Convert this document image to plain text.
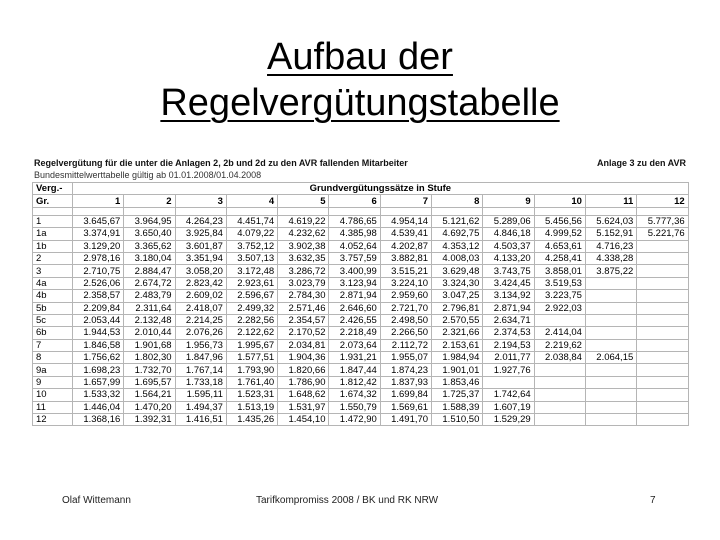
Aufbau der
Regelvergütungstabelle
Regelvergütung für die unter die Anlagen 2, 2b und 2d zu den AVR fallenden Mitarbeiter	Anlage 3 zu den AVR
Bundesmittelwerttabelle gültig ab 01.01.2008/01.04.2008
Verg.-	Grundvergütungssätze in Stufe											
Gr.	1	2	3	4	5	6	7	8	9	10	11	12

1	3.645,67	3.964,95	4.264,23	4.451,74	4.619,22	4.786,65	4.954,14	5.121,62	5.289,06	5.456,56	5.624,03	5.777,36
1a	3.374,91	3.650,40	3.925,84	4.079,22	4.232,62	4.385,98	4.539,41	4.692,75	4.846,18	4.999,52	5.152,91	5.221,76
1b	3.129,20	3.365,62	3.601,87	3.752,12	3.902,38	4.052,64	4.202,87	4.353,12	4.503,37	4.653,61	4.716,23	
2	2.978,16	3.180,04	3.351,94	3.507,13	3.632,35	3.757,59	3.882,81	4.008,03	4.133,20	4.258,41	4.338,28	
3	2.710,75	2.884,47	3.058,20	3.172,48	3.286,72	3.400,99	3.515,21	3.629,48	3.743,75	3.858,01	3.875,22	
4a	2.526,06	2.674,72	2.823,42	2.923,61	3.023,79	3.123,94	3.224,10	3.324,30	3.424,45	3.519,53		
4b	2.358,57	2.483,79	2.609,02	2.596,67	2.784,30	2.871,94	2.959,60	3.047,25	3.134,92	3.223,75		
5b	2.209,84	2.311,64	2.418,07	2.499,32	2.571,46	2.646,60	2.721,70	2.796,81	2.871,94	2.922,03		
5c	2.053,44	2.132,48	2.214,25	2.282,56	2.354,57	2.426,55	2.498,50	2.570,55	2.634,71			
6b	1.944,53	2.010,44	2.076,26	2.122,62	2.170,52	2.218,49	2.266,50	2.321,66	2.374,53	2.414,04		
7	1.846,58	1.901,68	1.956,73	1.995,67	2.034,81	2.073,64	2.112,72	2.153,61	2.194,53	2.219,62		
8	1.756,62	1.802,30	1.847,96	1.577,51	1.904,36	1.931,21	1.955,07	1.984,94	2.011,77	2.038,84	2.064,15	
9a	1.698,23	1.732,70	1.767,14	1.793,90	1.820,66	1.847,44	1.874,23	1.901,01	1.927,76			
9	1.657,99	1.695,57	1.733,18	1.761,40	1.786,90	1.812,42	1.837,93	1.853,46				
10	1.533,32	1.564,21	1.595,11	1.523,31	1.648,62	1.674,32	1.699,84	1.725,37	1.742,64			
11	1.446,04	1.470,20	1.494,37	1.513,19	1.531,97	1.550,79	1.569,61	1.588,39	1.607,19			
12	1.368,16	1.392,31	1.416,51	1.435,26	1.454,10	1.472,90	1.491,70	1.510,50	1.529,29			
Olaf Wittemann	Tarifkompromiss 2008 / BK und RK NRW	7
